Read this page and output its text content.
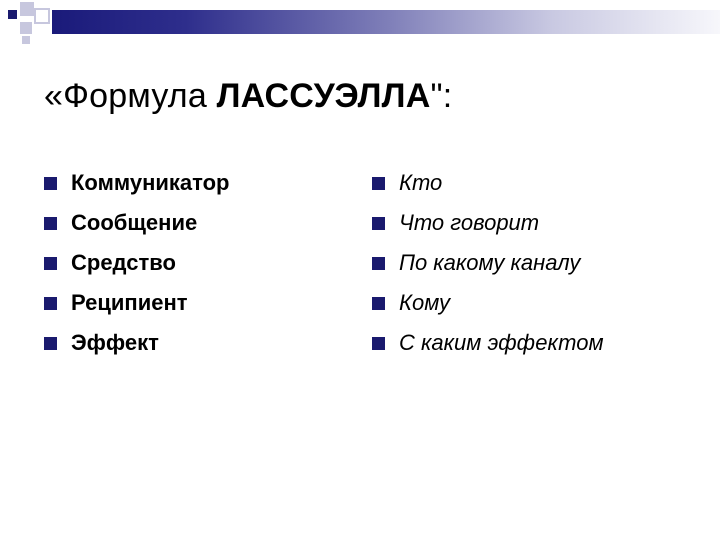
«Формула ЛАССУЭЛЛА":
Коммуникатор
Сообщение
Средство
Реципиент
Эффект
Кто
Что говорит
По какому каналу
Кому
С каким эффектом
